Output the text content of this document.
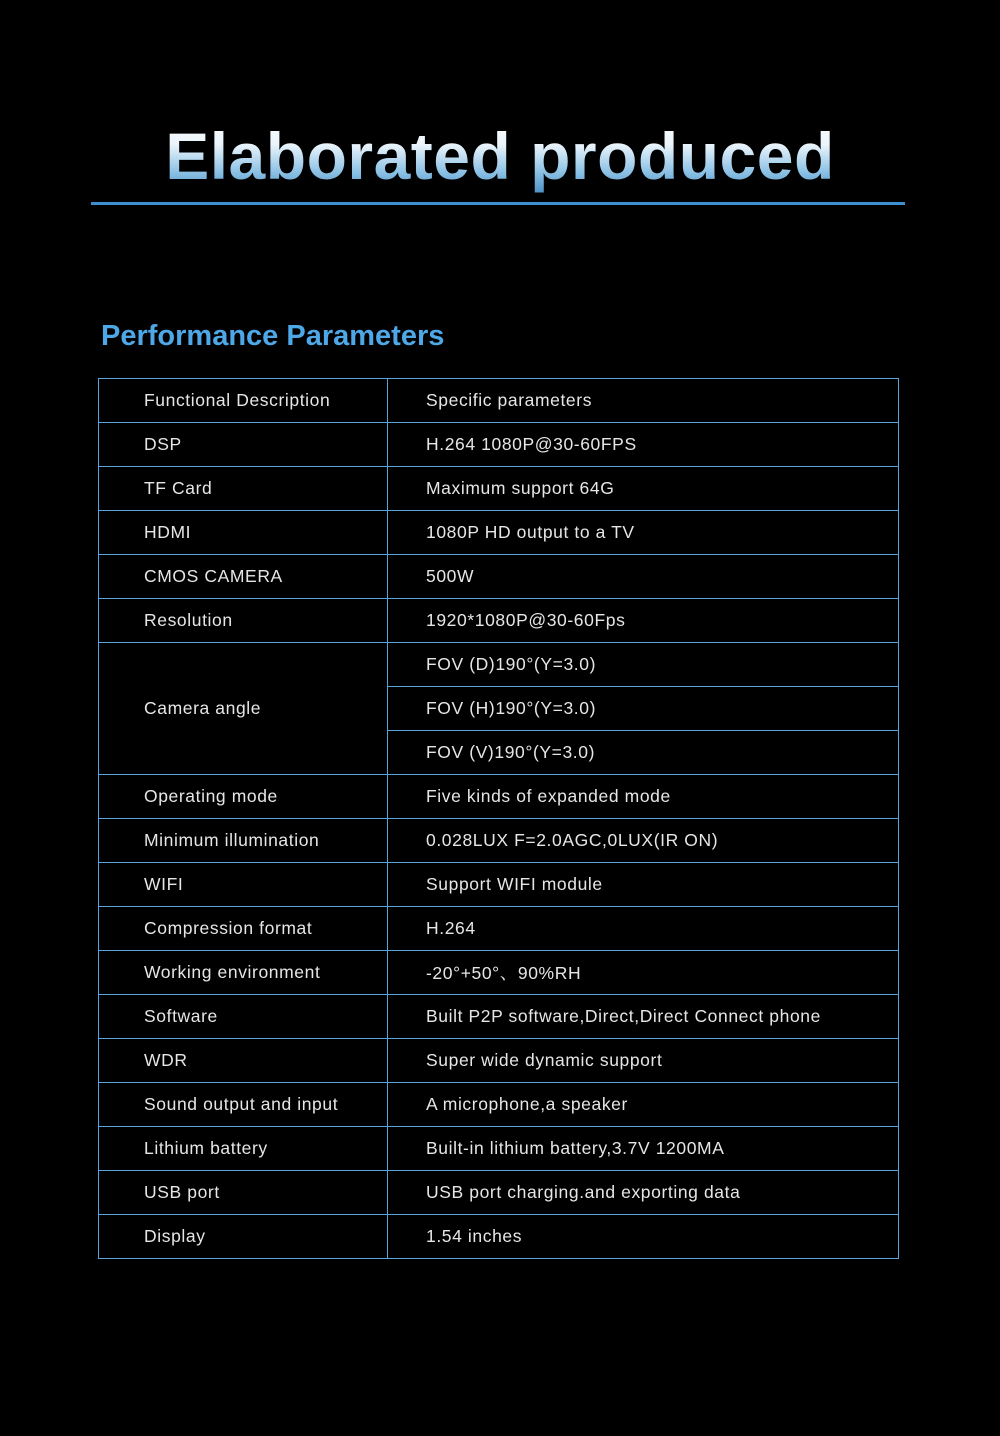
Elaborated produced
Performance Parameters
Functional Description	Specific parameters
DSP	H.264 1080P@30-60FPS
TF Card	Maximum support 64G
HDMI	1080P HD output to a TV
CMOS CAMERA	500W
Resolution	1920*1080P@30-60Fps
Camera angle	FOV (D)190°(Y=3.0)
	FOV (H)190°(Y=3.0)
	FOV (V)190°(Y=3.0)
Operating mode	Five kinds of expanded mode
Minimum illumination	0.028LUX F=2.0AGC,0LUX(IR ON)
WIFI	Support WIFI module
Compression format	H.264
Working environment	-20°+50°、90%RH
Software	Built P2P software,Direct,Direct Connect phone
WDR	Super wide dynamic support
Sound output and input	A microphone,a speaker
Lithium battery	Built-in lithium battery,3.7V 1200MA
USB port	USB port charging.and exporting data
Display	1.54 inches
